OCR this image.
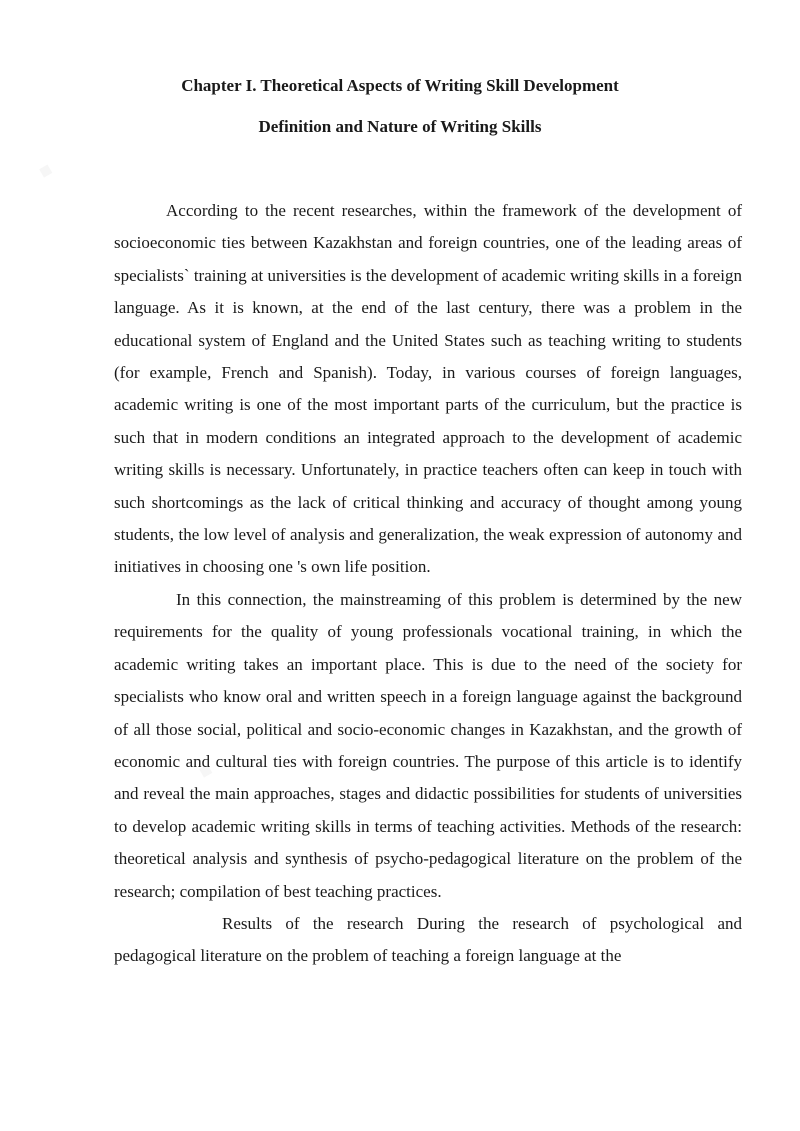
Chapter I. Theoretical Aspects of Writing Skill Development
Definition and Nature of Writing Skills

According to the recent researches, within the framework of the development of socioeconomic ties between Kazakhstan and foreign countries, one of the leading areas of specialists` training at universities is the development of academic writing skills in a foreign language. As it is known, at the end of the last century, there was a problem in the educational system of England and the United States such as teaching writing to students (for example, French and Spanish). Today, in various courses of foreign languages, academic writing is one of the most important parts of the curriculum, but the practice is such that in modern conditions an integrated approach to the development of academic writing skills is necessary. Unfortunately, in practice teachers often can keep in touch with such shortcomings as the lack of critical thinking and accuracy of thought among young students, the low level of analysis and generalization, the weak expression of autonomy and initiatives in choosing one 's own life position.

In this connection, the mainstreaming of this problem is determined by the new requirements for the quality of young professionals vocational training, in which the academic writing takes an important place. This is due to the need of the society for specialists who know oral and written speech in a foreign language against the background of all those social, political and socio-economic changes in Kazakhstan, and the growth of economic and cultural ties with foreign countries. The purpose of this article is to identify and reveal the main approaches, stages and didactic possibilities for students of universities to develop academic writing skills in terms of teaching activities. Methods of the research: theoretical analysis and synthesis of psycho-pedagogical literature on the problem of the research; compilation of best teaching practices.

Results of the research During the research of psychological and pedagogical literature on the problem of teaching a foreign language at the
